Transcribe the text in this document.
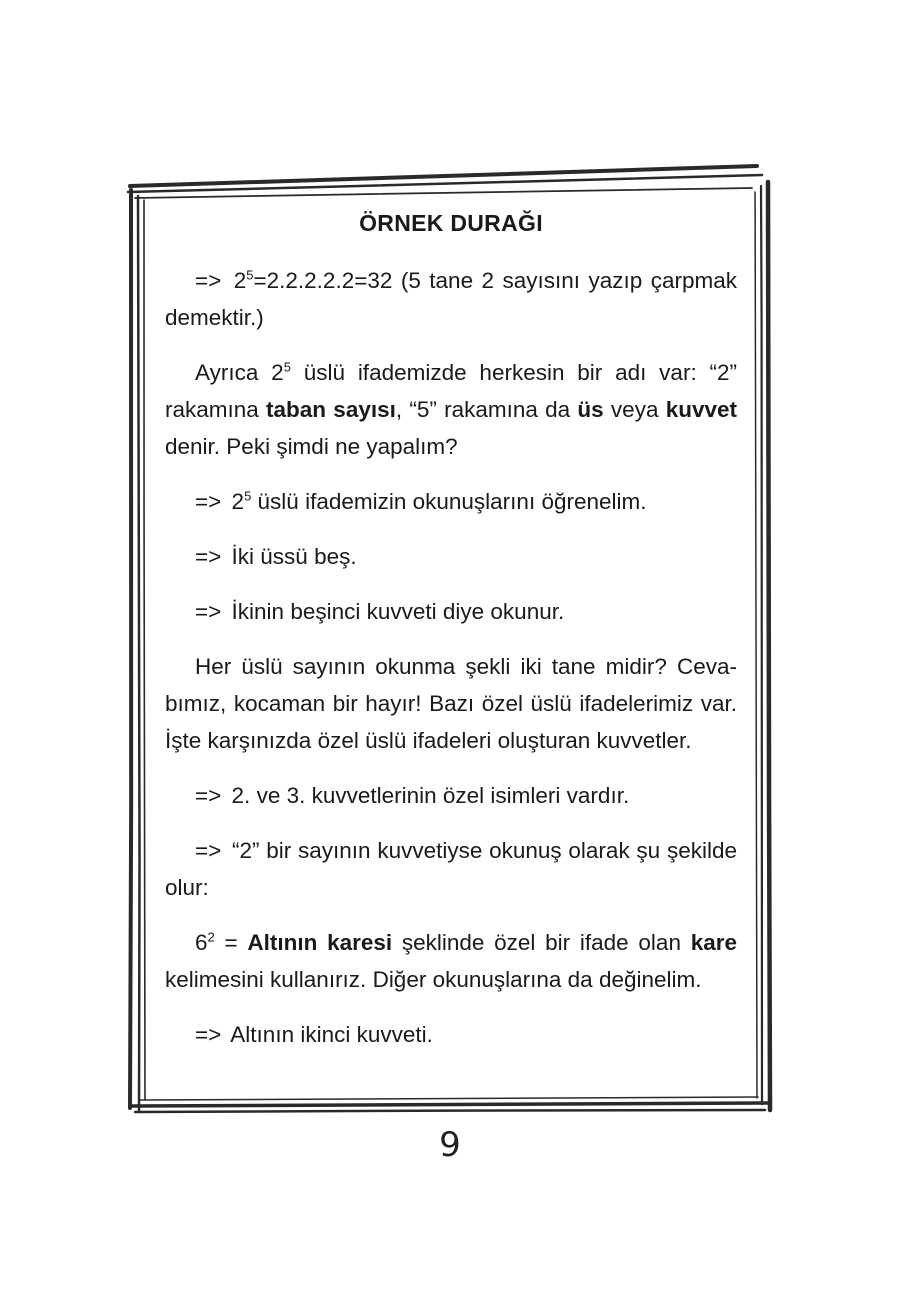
ÖRNEK DURAĞI

=> $2^5=2.2.2.2.2=32$ (5 tane 2 sayısını yazıp çarpmak demektir.)

Ayrıca $2^5$ üslü ifademizde herkesin bir adı var: “2” rakamına taban sayısı, “5” rakamına da üs veya kuvvet denir. Peki şimdi ne yapalım?

=> $2^5$ üslü ifademizin okunuşlarını öğrenelim.

=> İki üssü beş.

=> İkinin beşinci kuvveti diye okunur.

Her üslü sayının okunma şekli iki tane midir? Cevabımız, kocaman bir hayır! Bazı özel üslü ifadelerimiz var. İşte karşınızda özel üslü ifadeleri oluşturan kuvvetler.

=> 2. ve 3. kuvvetlerinin özel isimleri vardır.

=> “2” bir sayının kuvvetiyse okunuş olarak şu şekilde olur:

$6^2$ = Altının karesi şeklinde özel bir ifade olan kare kelimesini kullanırız. Diğer okunuşlarına da değinelim.

=> Altının ikinci kuvveti.

9
